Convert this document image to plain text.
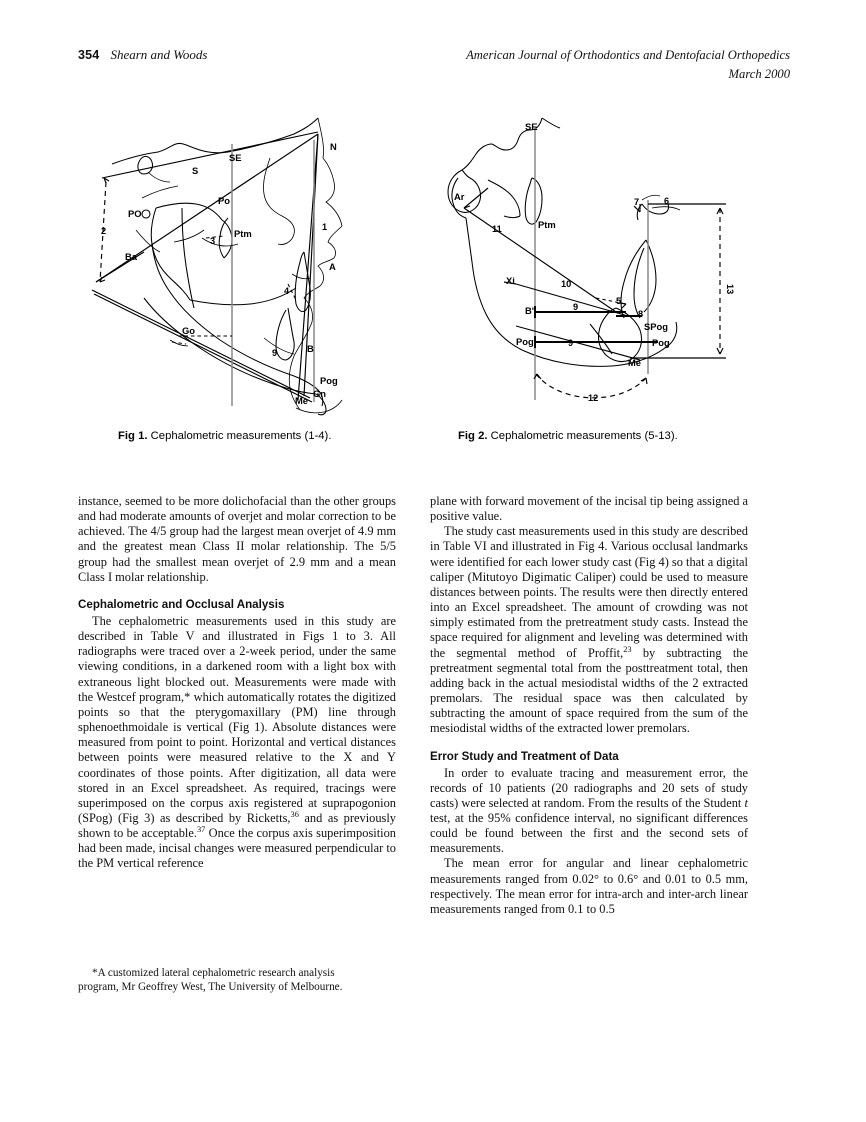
354 Shearn and Woods	American Journal of Orthodontics and Dentofacial Orthopedics
March 2000
S
SE
N
PO
Ba
Po
Ptm
Go
A
B
Pog
Gn
Me
1
2
3
4
9
Fig 1. Cephalometric measurements (1-4).
SE
Ar
Ptm
Xi
B'
Pog'
SPog
Pog
Me
5
6
7
8
9
10
11
12
13
9
Fig 2. Cephalometric measurements (5-13).

instance, seemed to be more dolichofacial than the other groups and had moderate amounts of overjet and molar correction to be achieved. The 4/5 group had the largest mean overjet of 4.9 mm and the greatest mean Class II molar relationship. The 5/5 group had the smallest mean overjet of 2.9 mm and a mean Class I molar relationship.

Cephalometric and Occlusal Analysis

The cephalometric measurements used in this study are described in Table V and illustrated in Figs 1 to 3. All radiographs were traced over a 2-week period, under the same viewing conditions, in a darkened room with a light box with extraneous light blocked out. Measurements were made with the Westcef program,* which automatically rotates the digitized points so that the pterygomaxillary (PM) line through sphenoethmoidale is vertical (Fig 1). Absolute distances were measured from point to point. Horizontal and vertical distances between points were measured relative to the X and Y coordinates of those points. After digitization, all data were stored in an Excel spreadsheet. As required, tracings were superimposed on the corpus axis registered at suprapogonion (SPog) (Fig 3) as described by Ricketts,$^{36}$ and as previously shown to be acceptable.$^{37}$ Once the corpus axis superimposition had been made, incisal changes were measured perpendicular to the PM vertical reference

plane with forward movement of the incisal tip being assigned a positive value.

The study cast measurements used in this study are described in Table VI and illustrated in Fig 4. Various occlusal landmarks were identified for each lower study cast (Fig 4) so that a digital caliper (Mitutoyo Digimatic Caliper) could be used to measure distances between points. The results were then directly entered into an Excel spreadsheet. The amount of crowding was not simply estimated from the pretreatment study casts. Instead the space required for alignment and leveling was determined with the segmental method of Proffit,$^{23}$ by subtracting the pretreatment segmental total from the posttreatment total, then adding back in the actual mesiodistal widths of the 2 extracted premolars. The residual space was then calculated by subtracting the amount of space required from the sum of the mesiodistal widths of the extracted lower premolars.

Error Study and Treatment of Data

In order to evaluate tracing and measurement error, the records of 10 patients (20 radiographs and 20 sets of study casts) were selected at random. From the results of the Student t test, at the 95% confidence interval, no significant differences could be found between the first and the second sets of measurements.

The mean error for angular and linear cephalometric measurements ranged from 0.02° to 0.6° and 0.01 to 0.5 mm, respectively. The mean error for intra-arch and inter-arch linear measurements ranged from 0.1 to 0.5

*A customized lateral cephalometric research analysis

program, Mr Geoffrey West, The University of Melbourne.
